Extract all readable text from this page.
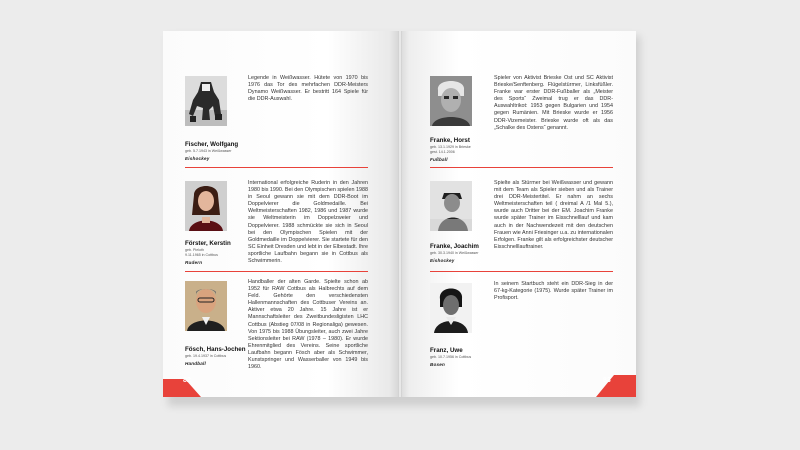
Fischer, Wolfgang
geb. 5.7.1943 in Weißwasser
Eishockey
Legende in Weißwasser. Hütete von 1970 bis 1976 das Tor des mehrfachen DDR-Meisters Dynamo Weißwasser. Er bestritt 164 Spiele für die DDR-Auswahl.
Förster, Kerstin
geb. Pieloth
9.11.1965 in Cottbus
Rudern
International erfolgreiche Ruderin in den Jahren 1980 bis 1990. Bei den Olympischen spielen 1988 in Seoul gewann sie mit dem DDR-Boot im Doppelvierer die Goldmedaille. Bei Weltmeisterschaften 1982, 1986 und 1987 wurde sie Weltmeisterin im Doppelzweier und Doppelvierer. 1988 schmückte sie sich in Seoul bei den Olympischen Spielen mit der Goldmedaille im Doppelvierer. Sie startete für den SC Einheit Dresden und lebt in der Elbestadt. Ihre sportliche Laufbahn begann sie in Cottbus als Schwimmerin.
Fösch, Hans-Jochen
geb. 19.4.1937 in Cottbus
Handball
Handballer der alten Garde. Spielte schon ab 1952 für RAW Cottbus als Halbrechts auf dem Feld. Gehörte den verschiedensten Hallenmannschaften des Cottbuser Vereins an. Aktiver etwa 20 Jahre. 15 Jahre ist er Mannschaftsleiter des Zweitbundesligisten LHC Cottbus (Abstieg 07/08 in Regionaliga) gewesen. Von 1975 bis 1988 Übungsleiter, auch zwei Jahre Sektionsleiter bei RAW (1978 – 1980). Er wurde Ehrenmitglied des Vereins. Seine sportliche Laufbahn begann Fösch aber als Schwimmer, Kunstspringer und Wasserballer von 1949 bis 1960.
82
Franke, Horst
geb. 13.1.1929 in Brieske
gest. 14.1.2006
Fußball
Spieler von Aktivist Brieske Ost und SC Aktivist Brieske/Senftenberg. Flügelstürmer, Linksfüßler. Franke war erster DDR-Fußballer als „Meister des Sports“ Zweimal trug er das DDR-Auswahltrikot: 1953 gegen Bulgarien und 1954 gegen Rumänien. Mit Brieske wurde er 1956 DDR-Vizemeister. Brieske wurde oft als das „Schalke des Ostens“ genannt.
Franke, Joachim
geb. 30.3.1940 in Weißwasser
Eishockey
Spielte als Stürmer bei Weißwasser und gewann mit dem Team als Spieler sieben und als Trainer drei DDR-Meistertitel. Er nahm an sechs Weltmeisterschaften teil ( dreimal A /1 Mal 5.), wurde auch Dritter bei der EM. Joachim Franke wurde später Trainer im Eisschnelllauf und kam auch in der Nachwendezeit mit den deutschen Frauen wie Anni Friesinger u.a. zu internationalen Erfolgen. Franke gilt als erfolgreichster deutscher Eisschnelllauftrainer.
Franz, Uwe
geb. 10.7.1956 in Cottbus
Boxen
In seinem Startbuch steht ein DDR-Sieg in der 67-kg-Kategorie (1975). Wurde später Trainer im Profisport.
83
